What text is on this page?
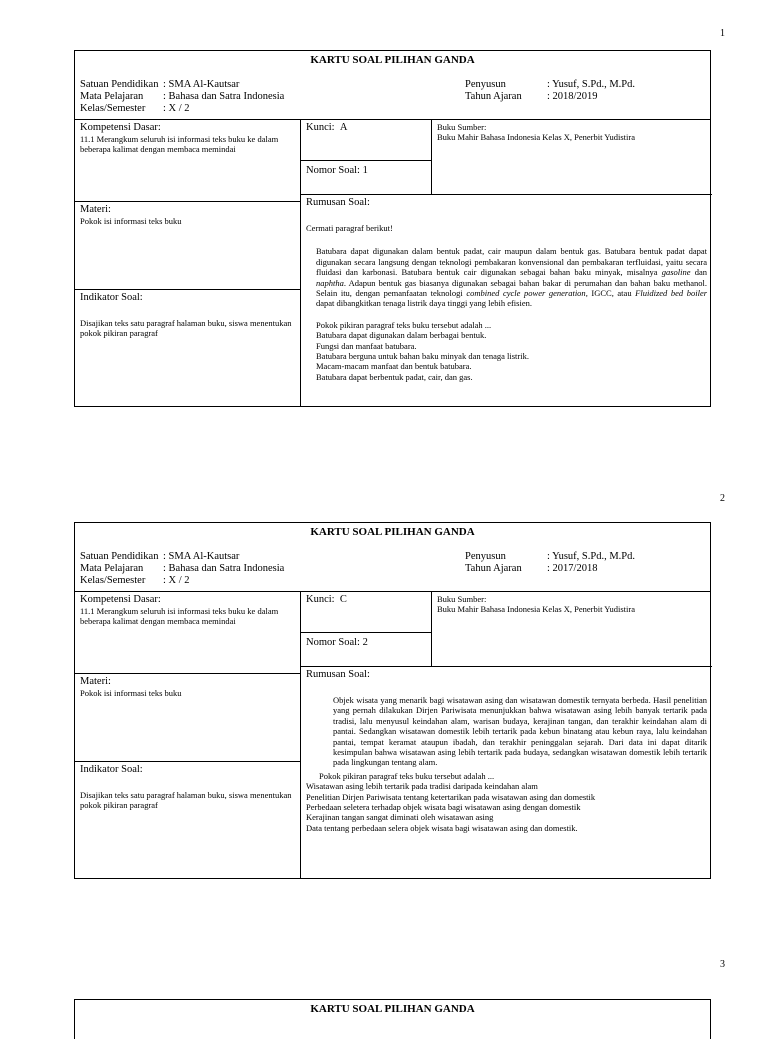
1
KARTU SOAL PILIHAN GANDA
Satuan Pendidikan : SMA Al-Kautsar
Mata Pelajaran : Bahasa dan Satra Indonesia
Kelas/Semester : X / 2
Penyusun	: Yusuf, S.Pd., M.Pd.
Tahun Ajaran : 2018/2019
Kompetensi Dasar:
11.1 Merangkum seluruh isi informasi teks buku ke dalam beberapa kalimat dengan membaca memindai
Materi:
Pokok isi informasi teks buku
Indikator Soal:
Disajikan teks satu paragraf halaman buku, siswa menentukan pokok pikiran paragraf
Kunci: A
Nomor Soal: 1
Buku Sumber:
Buku Mahir Bahasa Indonesia Kelas X, Penerbit Yudistira
Rumusan Soal:
Cermati paragraf berikut!
Batubara dapat digunakan dalam bentuk padat, cair maupun dalam bentuk gas. Batubara bentuk padat dapat digunakan secara langsung dengan teknologi pembakaran konvensional dan pembakaran terfluidasi, yaitu secara fluidasi dan karbonasi. Batubara bentuk cair digunakan sebagai bahan baku minyak, misalnya gasoline dan naphtha. Adapun bentuk gas biasanya digunakan sebagai bahan bakar di perumahan dan bahan baku methanol. Selain itu, dengan pemanfaatan teknologi combined cycle power generation, IGCC, atau Fluidized bed boiler dapat dibangkitkan tenaga listrik daya tinggi yang lebih efisien.
Pokok pikiran paragraf teks buku tersebut adalah ...
Batubara dapat digunakan dalam berbagai bentuk.
Fungsi dan manfaat batubara.
Batubara berguna untuk bahan baku minyak dan tenaga listrik.
Macam-macam manfaat dan bentuk batubara.
Batubara dapat berbentuk padat, cair, dan gas.
2
KARTU SOAL PILIHAN GANDA
Satuan Pendidikan : SMA Al-Kautsar
Mata Pelajaran : Bahasa dan Satra Indonesia
Kelas/Semester : X / 2
Penyusun	: Yusuf, S.Pd., M.Pd.
Tahun Ajaran : 2017/2018
Kompetensi Dasar:
11.1 Merangkum seluruh isi informasi teks buku ke dalam beberapa kalimat dengan membaca memindai
Materi:
Pokok isi informasi teks buku
Indikator Soal:
Disajikan teks satu paragraf halaman buku, siswa menentukan pokok pikiran paragraf
Kunci: C
Nomor Soal: 2
Buku Sumber:
Buku Mahir Bahasa Indonesia Kelas X, Penerbit Yudistira
Rumusan Soal:
Objek wisata yang menarik bagi wisatawan asing dan wisatawan domestik ternyata berbeda. Hasil penelitian yang pernah dilakukan Dirjen Pariwisata menunjukkan bahwa wisatawan asing lebih banyak tertarik pada tradisi, lalu menyusul keindahan alam, warisan budaya, kerajinan tangan, dan terakhir keindahan alam di pantai. Sedangkan wisatawan domestik lebih tertarik pada kebun binatang atau kebun raya, lalu keindahan pantai, tempat keramat ataupun ibadah, dan terakhir peninggalan sejarah. Dari data ini dapat ditarik kesimpulan bahwa wisatawan asing lebih tertarik pada budaya, sedangkan wisatawan domestik lebih tertarik pada lingkungan tentang alam.
Pokok pikiran paragraf teks buku tersebut adalah ...
Wisatawan asing lebih tertarik pada tradisi daripada keindahan alam
Penelitian Dirjen Pariwisata tentang ketertarikan pada wisatawan asing dan domestik
Perbedaan seletera terhadap objek wisata bagi wisatawan asing dengan domestik
Kerajinan tangan sangat diminati oleh wisatawan asing
Data tentang perbedaan selera objek wisata bagi wisatawan asing dan domestik.
3
KARTU SOAL PILIHAN GANDA
